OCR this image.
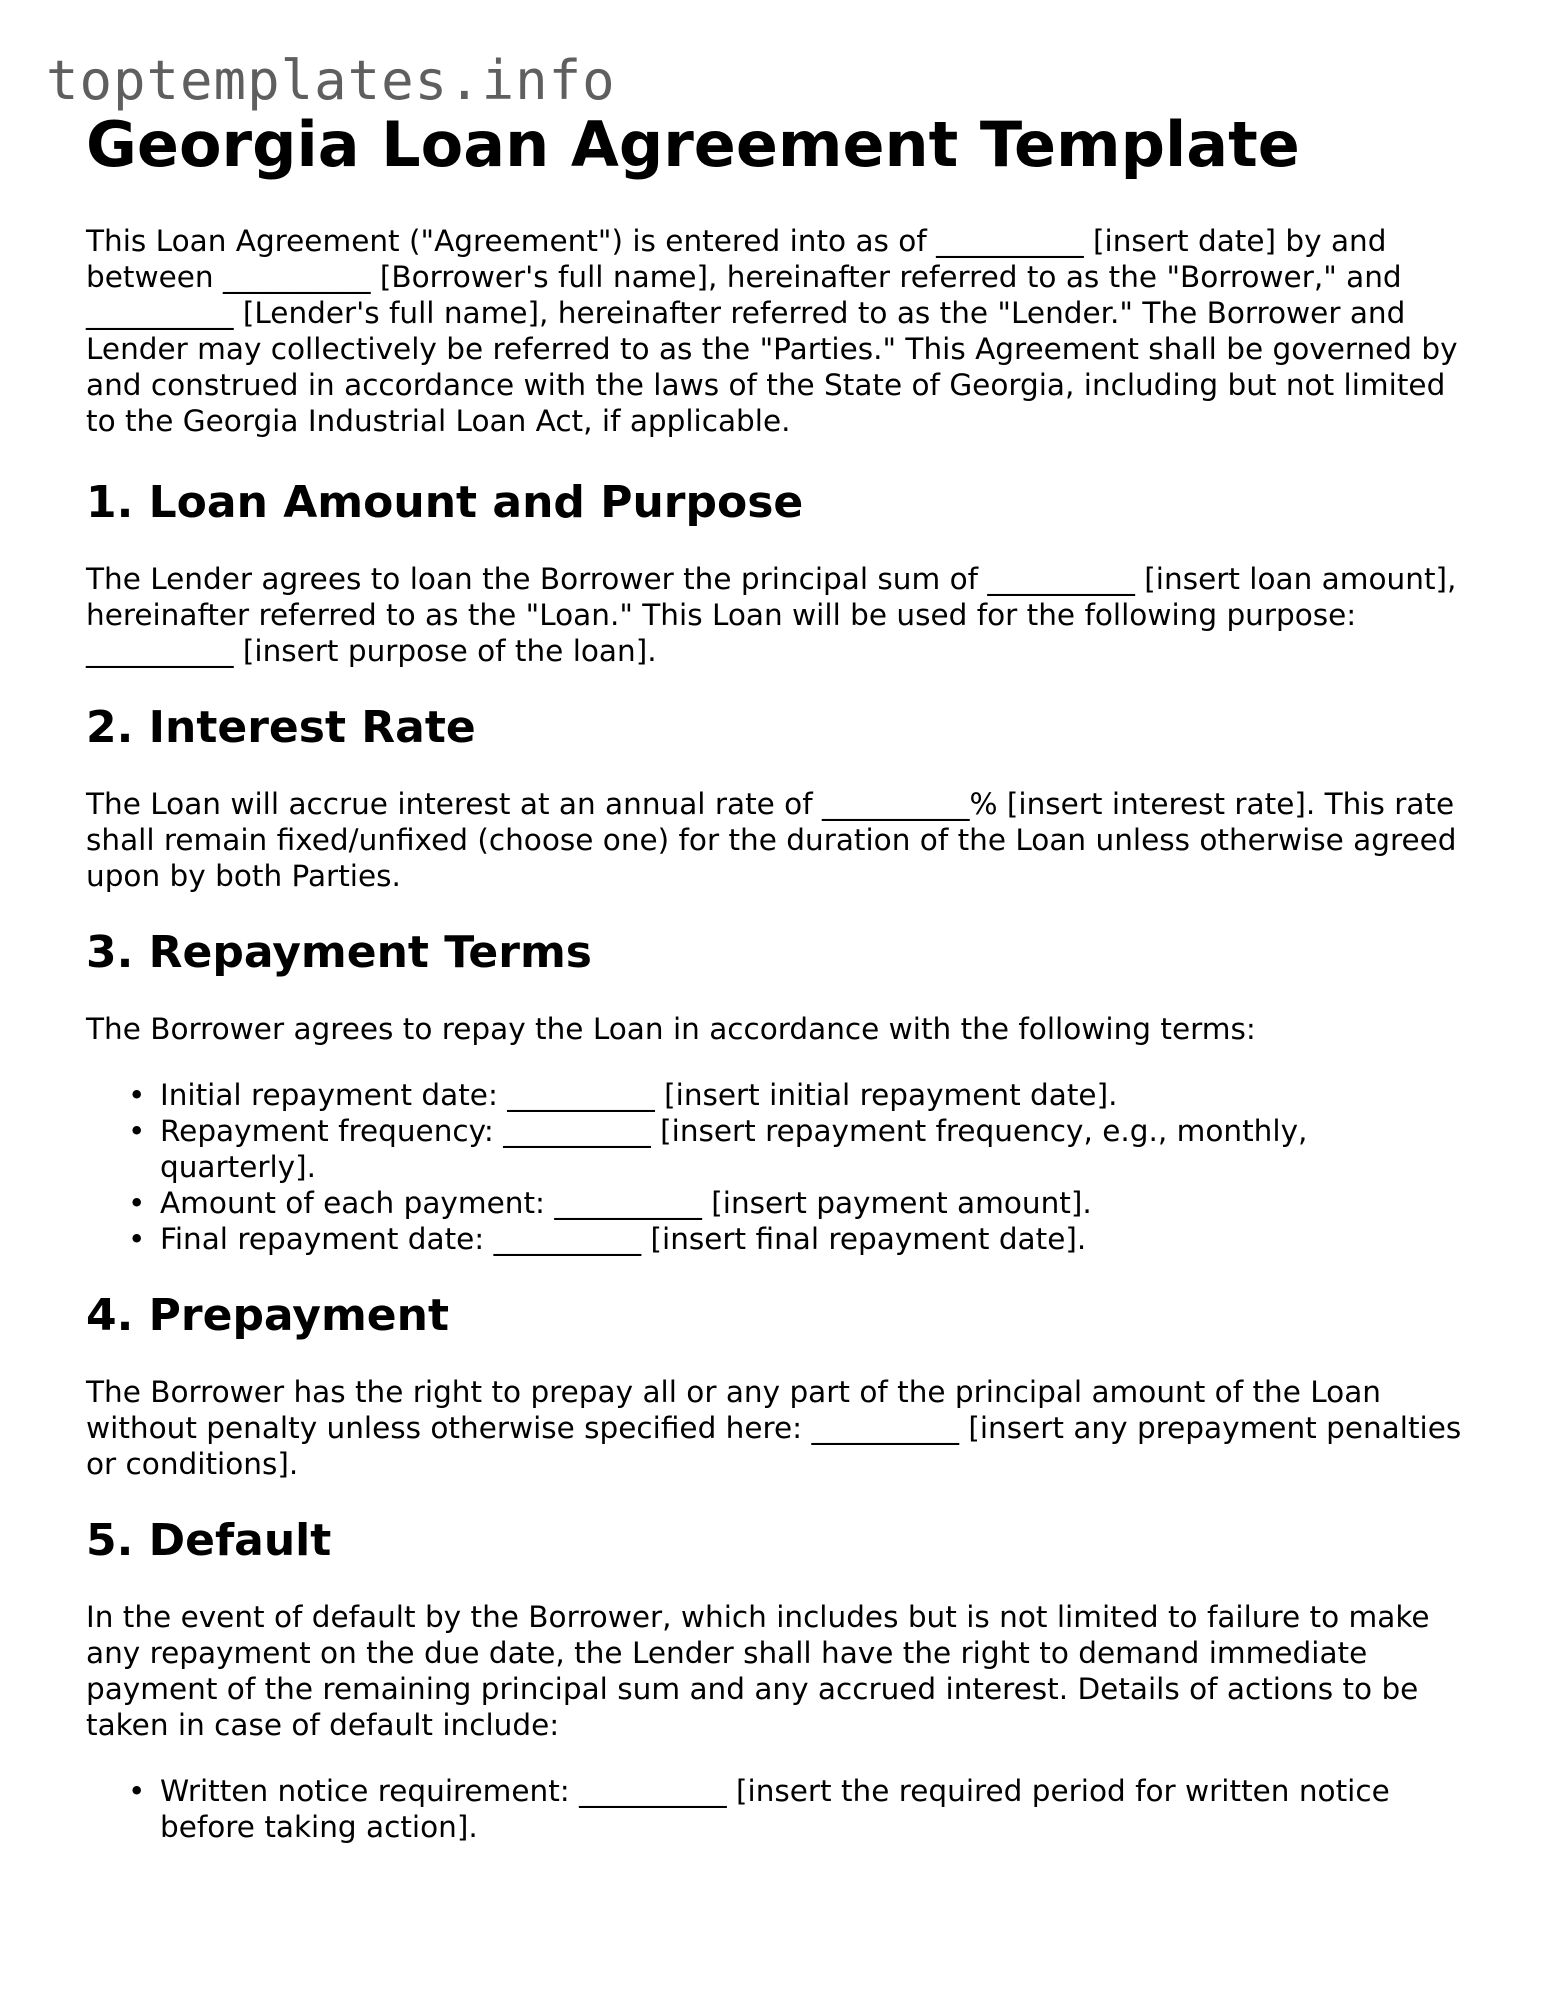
toptemplates.info
Georgia Loan Agreement Template

This Loan Agreement ("Agreement") is entered into as of __________ [insert date] by and between __________ [Borrower's full name], hereinafter referred to as the "Borrower," and __________ [Lender's full name], hereinafter referred to as the "Lender." The Borrower and Lender may collectively be referred to as the "Parties." This Agreement shall be governed by and construed in accordance with the laws of the State of Georgia, including but not limited to the Georgia Industrial Loan Act, if applicable.

1. Loan Amount and Purpose

The Lender agrees to loan the Borrower the principal sum of __________ [insert loan amount], hereinafter referred to as the "Loan." This Loan will be used for the following purpose: __________ [insert purpose of the loan].

2. Interest Rate

The Loan will accrue interest at an annual rate of __________% [insert interest rate]. This rate shall remain fixed/unfixed (choose one) for the duration of the Loan unless otherwise agreed upon by both Parties.

3. Repayment Terms

The Borrower agrees to repay the Loan in accordance with the following terms:

• Initial repayment date: __________ [insert initial repayment date].
• Repayment frequency: __________ [insert repayment frequency, e.g., monthly, quarterly].
• Amount of each payment: __________ [insert payment amount].
• Final repayment date: __________ [insert final repayment date].
4. Prepayment

The Borrower has the right to prepay all or any part of the principal amount of the Loan without penalty unless otherwise specified here: __________ [insert any prepayment penalties or conditions].

5. Default

In the event of default by the Borrower, which includes but is not limited to failure to make any repayment on the due date, the Lender shall have the right to demand immediate payment of the remaining principal sum and any accrued interest. Details of actions to be taken in case of default include:

• Written notice requirement: __________ [insert the required period for written notice before taking action].
